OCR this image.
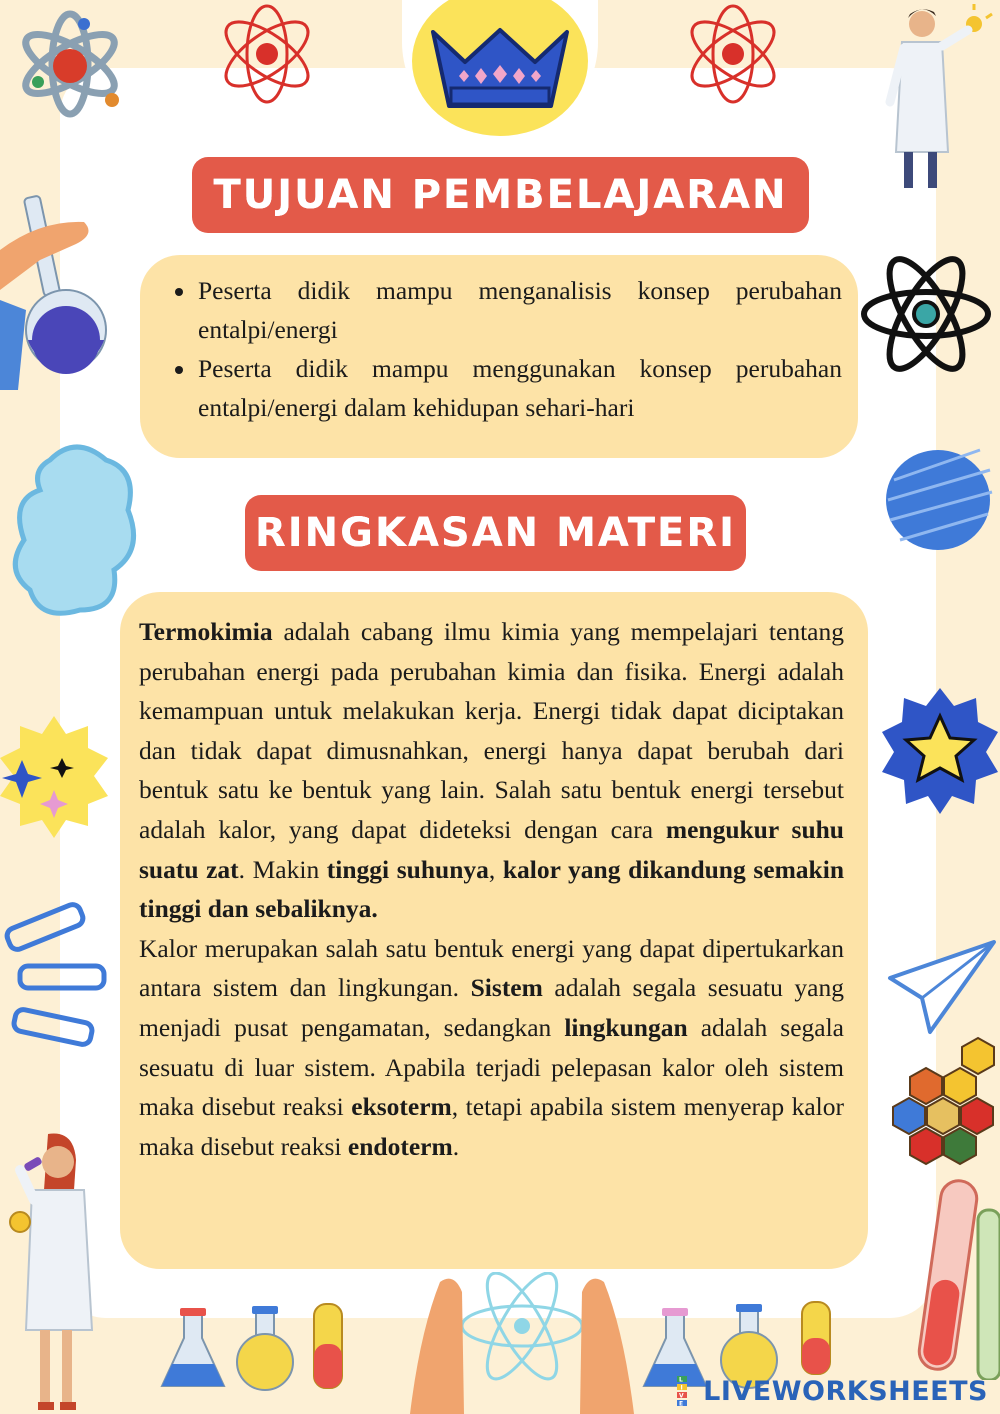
TUJUAN PEMBELAJARAN
• Peserta didik mampu menganalisis konsep perubahan entalpi/energi
• Peserta didik mampu menggunakan konsep perubahan entalpi/energi dalam kehidupan sehari-hari
RINGKASAN MATERI

Termokimia adalah cabang ilmu kimia yang mempelajari tentang perubahan energi pada perubahan kimia dan fisika. Energi adalah kemampuan untuk melakukan kerja. Energi tidak dapat diciptakan dan tidak dapat dimusnahkan, energi hanya dapat berubah dari bentuk satu ke bentuk yang lain. Salah satu bentuk energi tersebut adalah kalor, yang dapat dideteksi dengan cara mengukur suhu suatu zat. Makin tinggi suhunya, kalor yang dikandung semakin tinggi dan sebaliknya.

Kalor merupakan salah satu bentuk energi yang dapat dipertukarkan antara sistem dan lingkungan. Sistem adalah segala sesuatu yang menjadi pusat pengamatan, sedangkan lingkungan adalah segala sesuatu di luar sistem. Apabila terjadi pelepasan kalor oleh sistem maka disebut reaksi eksoterm, tetapi apabila sistem menyerap kalor maka disebut reaksi endoterm.

L
I
V
E LIVEWORKSHEETS
